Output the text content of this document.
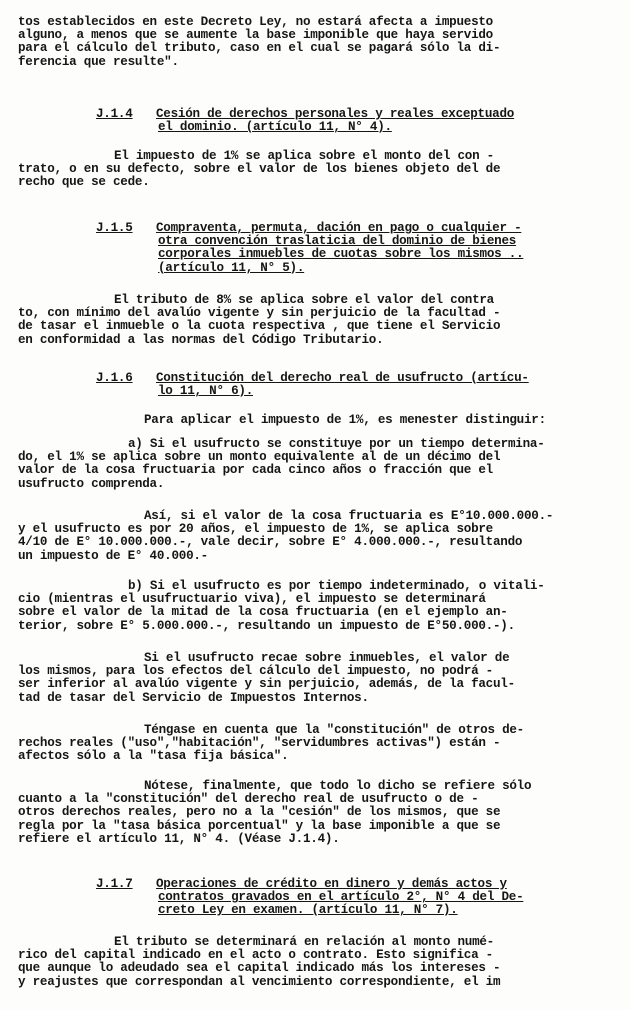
tos establecidos en este Decreto Ley, no estará afecta a impuesto
alguno, a menos que se aumente la base imponible que haya servido
para el cálculo del tributo, caso en el cual se pagará sólo la di-
ferencia que resulte".
J.1.4 Cesión de derechos personales y reales exceptuado
el dominio. (artículo 11, N° 4).
El impuesto de 1% se aplica sobre el monto del con -
trato, o en su defecto, sobre el valor de los bienes objeto del de
recho que se cede.
J.1.5 Compraventa, permuta, dación en pago o cualquier -
otra convención traslaticia del dominio de bienes
corporales inmuebles de cuotas sobre los mismos ..
(artículo 11, N° 5).
El tributo de 8% se aplica sobre el valor del contra
to, con mínimo del avalúo vigente y sin perjuicio de la facultad -
de tasar el inmueble o la cuota respectiva , que tiene el Servicio
en conformidad a las normas del Código Tributario.
J.1.6 Constitución del derecho real de usufructo (artícu-
lo 11, N° 6).
Para aplicar el impuesto de 1%, es menester distinguir:
a) Si el usufructo se constituye por un tiempo determina-
do, el 1% se aplica sobre un monto equivalente al de un décimo del
valor de la cosa fructuaria por cada cinco años o fracción que el
usufructo comprenda.
Así, si el valor de la cosa fructuaria es E°10.000.000.-
y el usufructo es por 20 años, el impuesto de 1%, se aplica sobre
4/10 de E° 10.000.000.-, vale decir, sobre E° 4.000.000.-, resultando
un impuesto de E° 40.000.-
b) Si el usufructo es por tiempo indeterminado, o vitali-
cio (mientras el usufructuario viva), el impuesto se determinará
sobre el valor de la mitad de la cosa fructuaria (en el ejemplo an-
terior, sobre E° 5.000.000.-, resultando un impuesto de E°50.000.-).
Si el usufructo recae sobre inmuebles, el valor de
los mismos, para los efectos del cálculo del impuesto, no podrá -
ser inferior al avalúo vigente y sin perjuicio, además, de la facul-
tad de tasar del Servicio de Impuestos Internos.
Téngase en cuenta que la "constitución" de otros de-
rechos reales ("uso","habitación", "servidumbres activas") están -
afectos sólo a la "tasa fija básica".
Nótese, finalmente, que todo lo dicho se refiere sólo
cuanto a la "constitución" del derecho real de usufructo o de -
otros derechos reales, pero no a la "cesión" de los mismos, que se
regla por la "tasa básica porcentual" y la base imponible a que se
refiere el artículo 11, N° 4. (Véase J.1.4).
J.1.7 Operaciones de crédito en dinero y demás actos y
contratos gravados en el artículo 2°, N° 4 del De-
creto Ley en examen. (artículo 11, N° 7).
El tributo se determinará en relación al monto numé-
rico del capital indicado en el acto o contrato. Esto significa -
que aunque lo adeudado sea el capital indicado más los intereses -
y reajustes que correspondan al vencimiento correspondiente, el im
